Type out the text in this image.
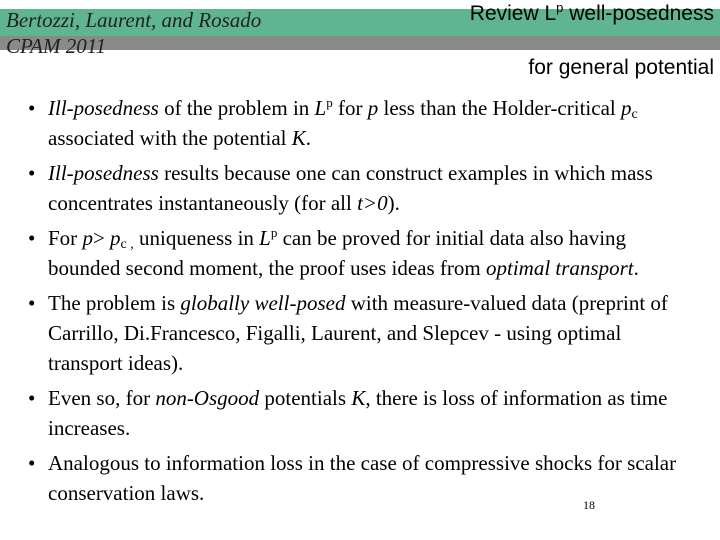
Bertozzi, Laurent, and Rosado
CPAM 2011
Review $L^p$ well-posedness
for general potential
• Ill-posedness of the problem in $L^p$ for p less than the Holder-critical $p_c$ associated with the potential K.
• Ill-posedness results because one can construct examples in which mass concentrates instantaneously (for all t>0).
• For $p> p_{c ,}$ uniqueness in $L^p$ can be proved for initial data also having bounded second moment, the proof uses ideas from optimal transport.
• The problem is globally well-posed with measure-valued data (preprint of Carrillo, Di.Francesco, Figalli, Laurent, and Slepcev - using optimal transport ideas).
• Even so, for non-Osgood potentials K, there is loss of information as time increases.
• Analogous to information loss in the case of compressive shocks for scalar conservation laws.	18
